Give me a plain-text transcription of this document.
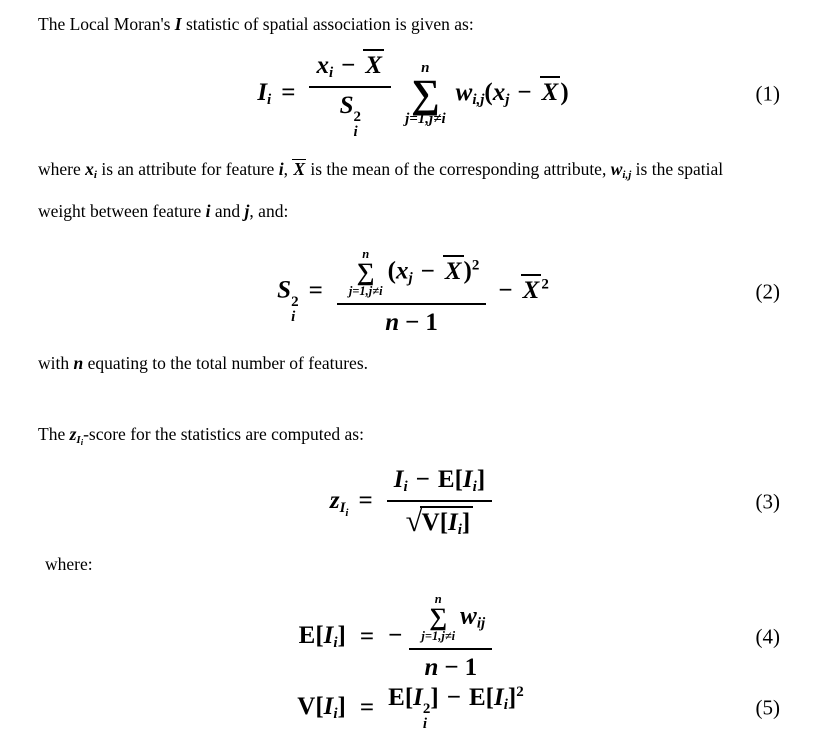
The Local Moran's I statistic of spatial association is given as:
$I_i = x_i - X$
S 2
i n
∑
j=1,j≠i
$w_{i,j}(x_j - X)$	(1)
where xi is an attribute for feature i, X is the mean of the corresponding attribute, wi,j is the spatial
weight between feature i and j, and:
S 2
i
= n
∑
j=1,j≠i
$(x_j - X)^2$
n − 1 − X $^2$	(2)
with n equating to the total number of features.
The $zI_i$-score for the statistics are computed as:
$z_{Ii} = \frac{I_i - E[I_i]}{√ V[I_i]}$	(3)
where:
$E[I_i]$ = − n
∑
j=1,j≠i
$w_{ij}$
n − 1	(4)
$V[I_i] = E[I$ 2
i
] − $E[I_i]^2$
(5)
